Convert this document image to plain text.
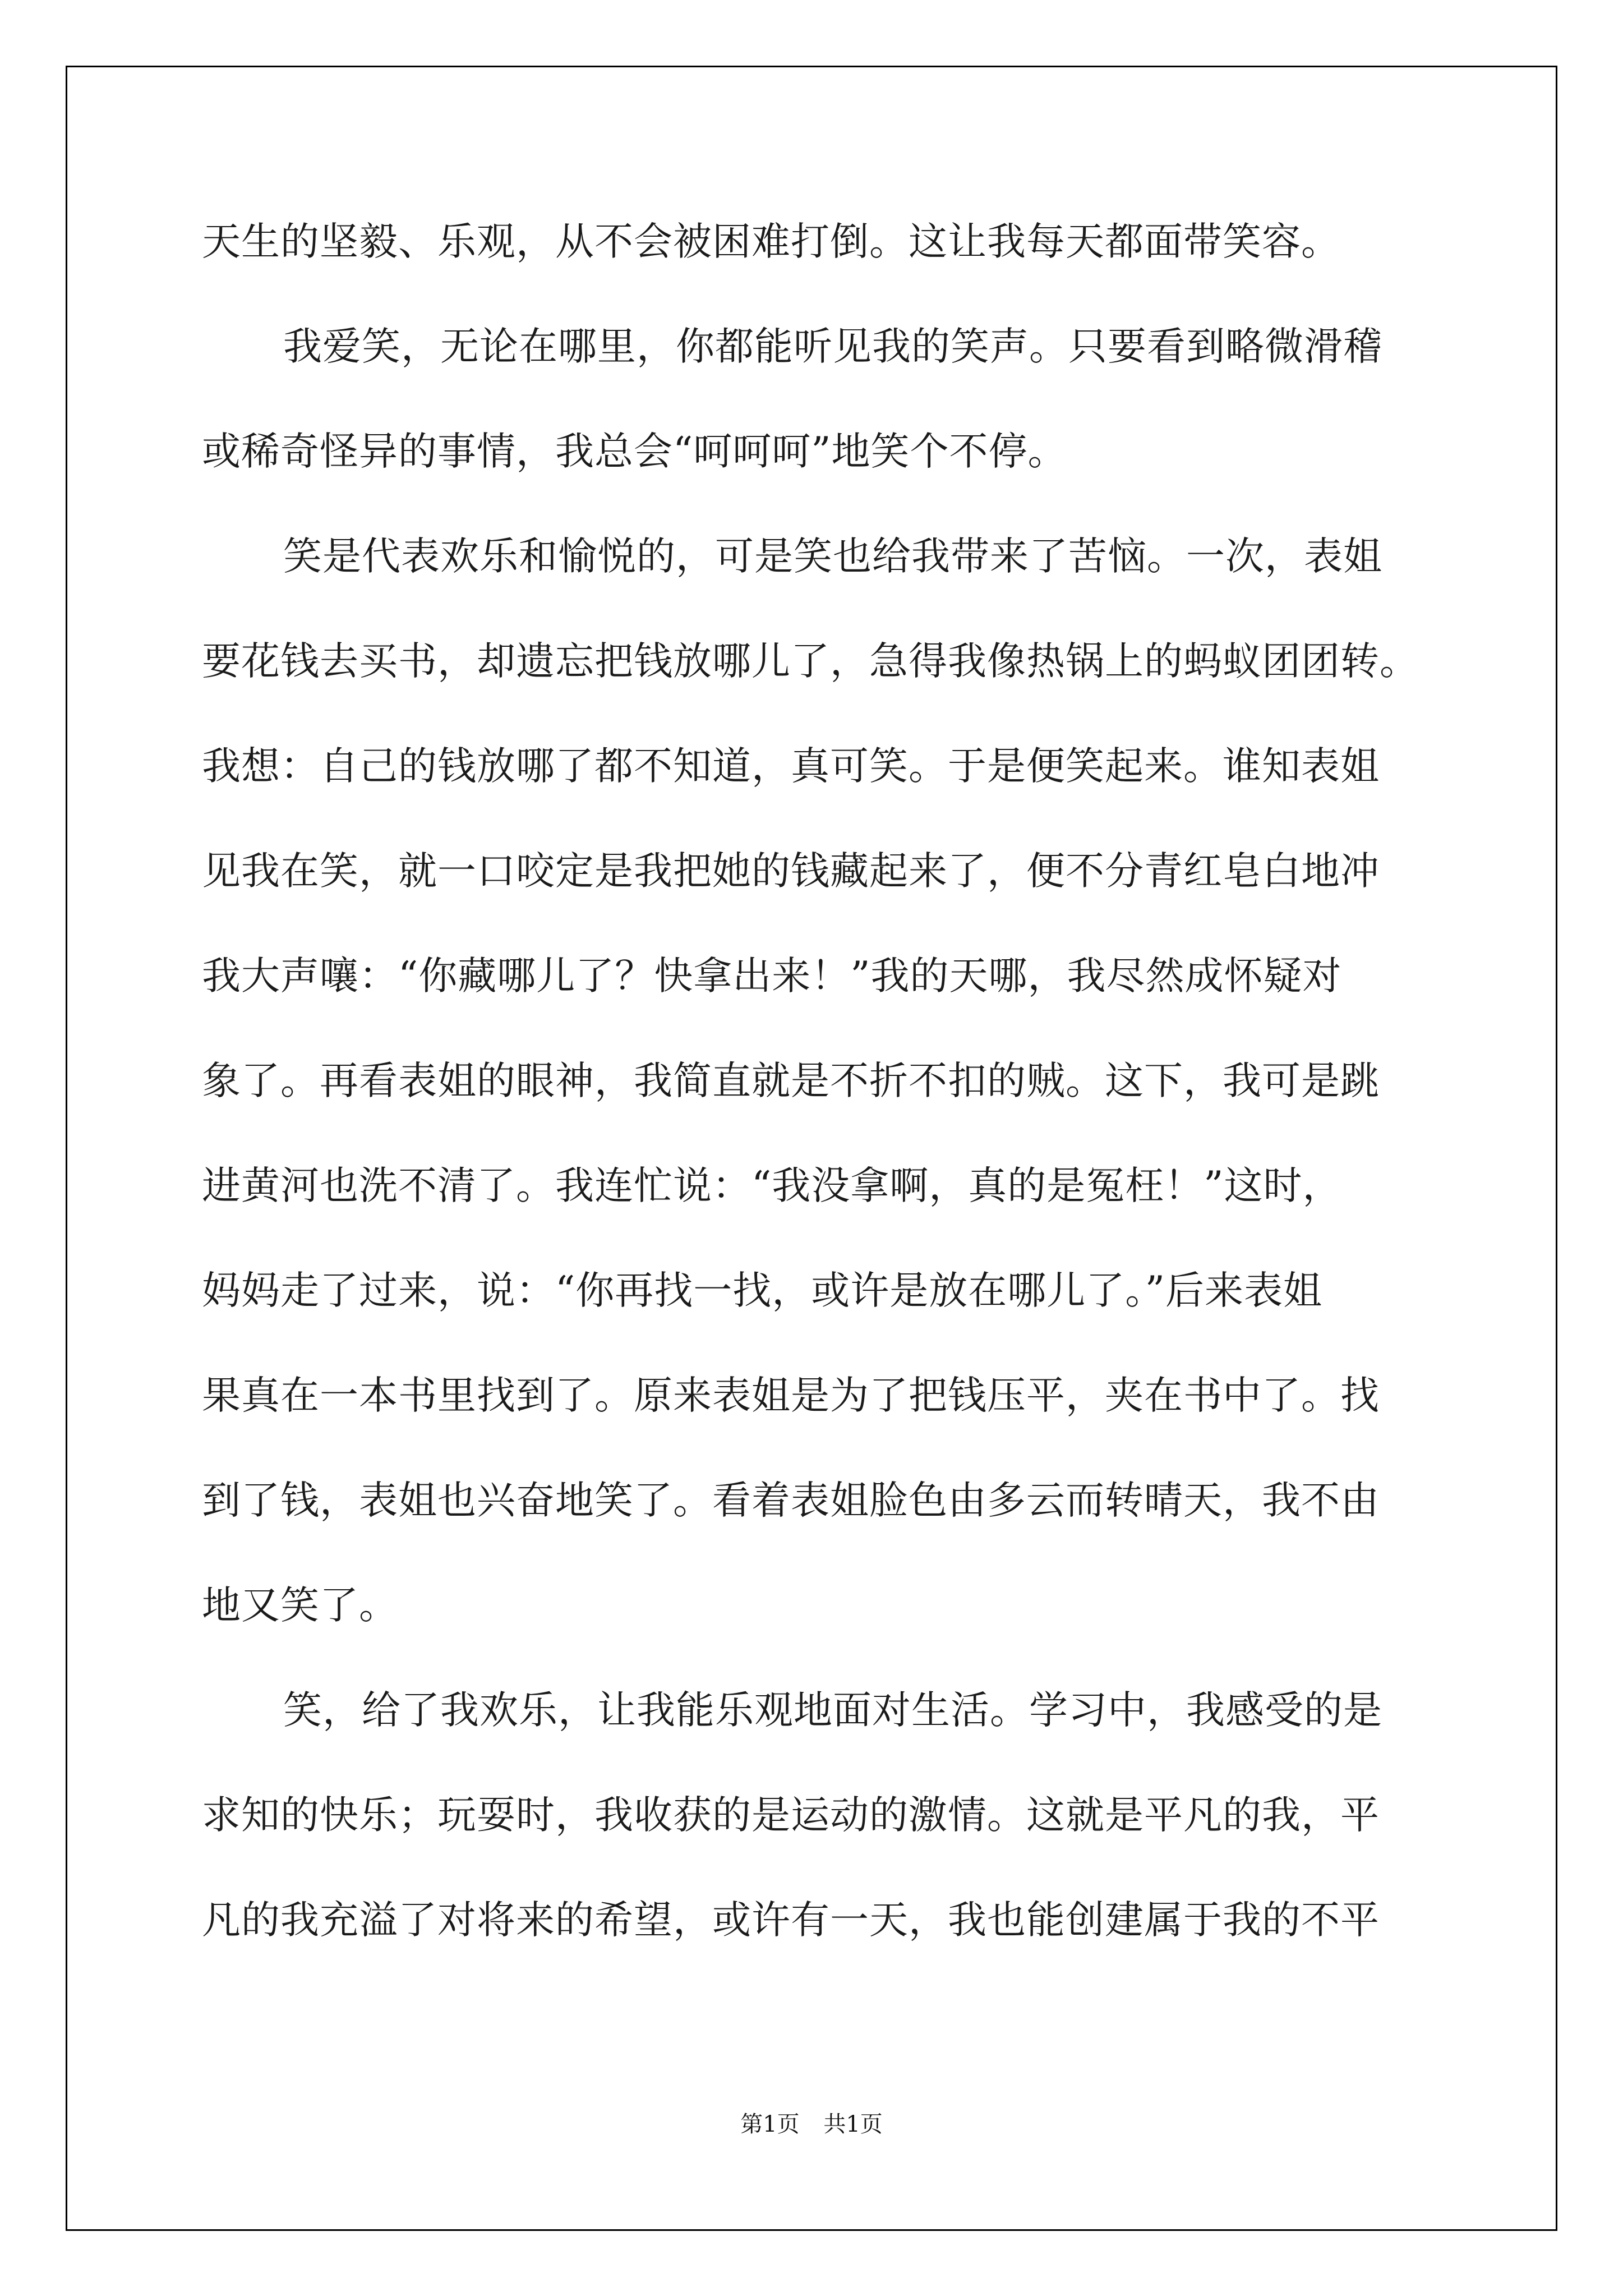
天生的坚毅、乐观，从不会被困难打倒。这让我每天都面带笑容。
我爱笑，无论在哪里，你都能听见我的笑声。只要看到略微滑稽
或稀奇怪异的事情，我总会“呵呵呵”地笑个不停。
笑是代表欢乐和愉悦的，可是笑也给我带来了苦恼。一次，表姐
要花钱去买书，却遗忘把钱放哪儿了，急得我像热锅上的蚂蚁团团转。
我想：自己的钱放哪了都不知道，真可笑。于是便笑起来。谁知表姐
见我在笑，就一口咬定是我把她的钱藏起来了，便不分青红皂白地冲
我大声嚷：“你藏哪儿了？快拿出来！”我的天哪，我尽然成怀疑对
象了。再看表姐的眼神，我简直就是不折不扣的贼。这下，我可是跳
进黄河也洗不清了。我连忙说：“我没拿啊，真的是冤枉！”这时，
妈妈走了过来，说：“你再找一找，或许是放在哪儿了。”后来表姐
果真在一本书里找到了。原来表姐是为了把钱压平，夹在书中了。找
到了钱，表姐也兴奋地笑了。看着表姐脸色由多云而转晴天，我不由
地又笑了。
笑，给了我欢乐，让我能乐观地面对生活。学习中，我感受的是
求知的快乐；玩耍时，我收获的是运动的激情。这就是平凡的我，平
凡的我充溢了对将来的希望，或许有一天，我也能创建属于我的不平
第1页 共1页
